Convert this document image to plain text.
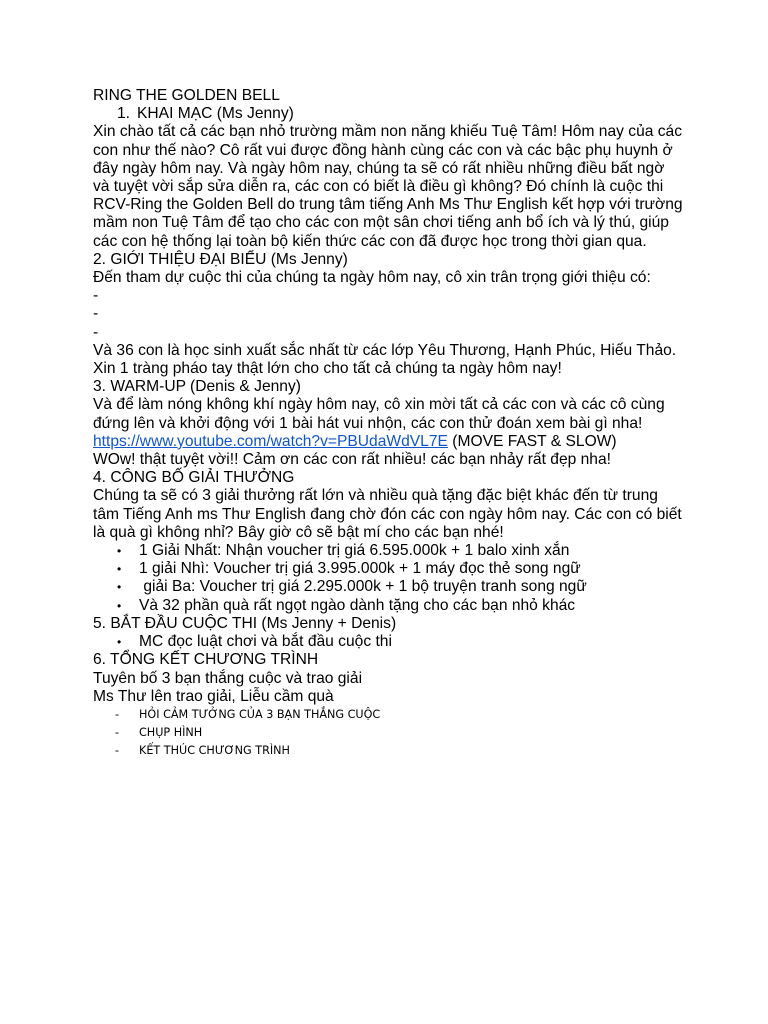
RING THE GOLDEN BELL
1. KHAI MẠC (Ms Jenny)
Xin chào tất cả các bạn nhỏ trường mầm non năng khiếu Tuệ Tâm! Hôm nay của các con như thế nào? Cô rất vui được đồng hành cùng các con và các bậc phụ huynh ở đây ngày hôm nay. Và ngày hôm nay, chúng ta sẽ có rất nhiều những điều bất ngờ và tuyệt vời sắp sửa diễn ra, các con có biết là điều gì không? Đó chính là cuộc thi RCV-Ring the Golden Bell do trung tâm tiếng Anh Ms Thư English kết hợp với trường mầm non Tuệ Tâm để tạo cho các con một sân chơi tiếng anh bổ ích và lý thú, giúp các con hệ thống lại toàn bộ kiến thức các con đã được học trong thời gian qua.
2. GIỚI THIỆU ĐẠI BIỂU (Ms Jenny)
Đến tham dự cuộc thi của chúng ta ngày hôm nay, cô xin trân trọng giới thiệu có:
-
-
-
Và 36 con là học sinh xuất sắc nhất từ các lớp Yêu Thương, Hạnh Phúc, Hiếu Thảo. Xin 1 tràng pháo tay thật lớn cho cho tất cả chúng ta ngày hôm nay!
3. WARM-UP (Denis & Jenny)
Và để làm nóng không khí ngày hôm nay, cô xin mời tất cả các con và các cô cùng đứng lên và khởi động với 1 bài hát vui nhộn, các con thử đoán xem bài gì nha!
https://www.youtube.com/watch?v=PBUdaWdVL7E (MOVE FAST & SLOW)
WOw! thật tuyệt vời!! Cảm ơn các con rất nhiều! các bạn nhảy rất đẹp nha!
4. CÔNG BỐ GIẢI THƯỞNG
Chúng ta sẽ có 3 giải thưởng rất lớn và nhiều quà tặng đặc biệt khác đến từ trung tâm Tiếng Anh ms Thư English đang chờ đón các con ngày hôm nay. Các con có biết là quà gì không nhỉ? Bây giờ cô sẽ bật mí cho các bạn nhé!
• 1 Giải Nhất: Nhận voucher trị giá 6.595.000k + 1 balo xinh xắn
• 1 giải Nhì: Voucher trị giá 3.995.000k + 1 máy đọc thẻ song ngữ
• giải Ba: Voucher trị giá 2.295.000k + 1 bộ truyện tranh song ngữ
• Và 32 phần quà rất ngọt ngào dành tặng cho các bạn nhỏ khác
5. BẮT ĐẦU CUỘC THI (Ms Jenny + Denis)
• MC đọc luật chơi và bắt đầu cuộc thi
6. TỔNG KẾT CHƯƠNG TRÌNH
Tuyên bố 3 bạn thắng cuộc và trao giải
Ms Thư lên trao giải, Liễu cầm quà
- HỎI CẢM TƯỞNG CỦA 3 BẠN THẮNG CUỘC
- CHỤP HÌNH
- KẾT THÚC CHƯƠNG TRÌNH
